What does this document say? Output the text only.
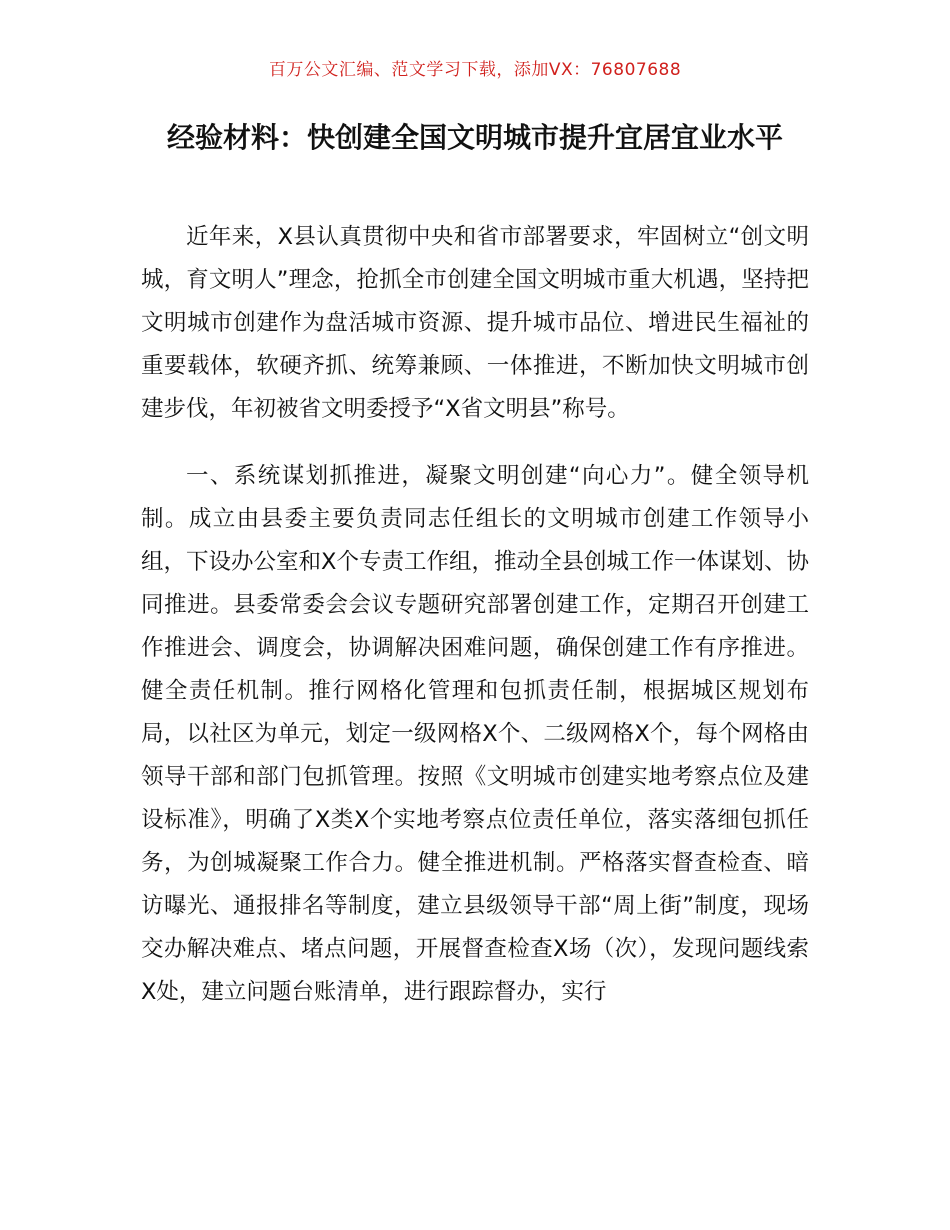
百万公文汇编、范文学习下载，添加VX：76807688
经验材料：快创建全国文明城市提升宜居宜业水平

近年来，X县认真贯彻中央和省市部署要求，牢固树立“创文明城，育文明人”理念，抢抓全市创建全国文明城市重大机遇，坚持把文明城市创建作为盘活城市资源、提升城市品位、增进民生福祉的重要载体，软硬齐抓、统筹兼顾、一体推进，不断加快文明城市创建步伐，年初被省文明委授予“X省文明县”称号。

一、系统谋划抓推进，凝聚文明创建“向心力”。健全领导机制。成立由县委主要负责同志任组长的文明城市创建工作领导小组，下设办公室和X个专责工作组，推动全县创城工作一体谋划、协同推进。县委常委会会议专题研究部署创建工作，定期召开创建工作推进会、调度会，协调解决困难问题，确保创建工作有序推进。健全责任机制。推行网格化管理和包抓责任制，根据城区规划布局，以社区为单元，划定一级网格X个、二级网格X个，每个网格由领导干部和部门包抓管理。按照《文明城市创建实地考察点位及建设标准》，明确了X类X个实地考察点位责任单位，落实落细包抓任务，为创城凝聚工作合力。健全推进机制。严格落实督查检查、暗访曝光、通报排名等制度，建立县级领导干部“周上街”制度，现场交办解决难点、堵点问题，开展督查检查X场（次），发现问题线索X处，建立问题台账清单，进行跟踪督办，实行
